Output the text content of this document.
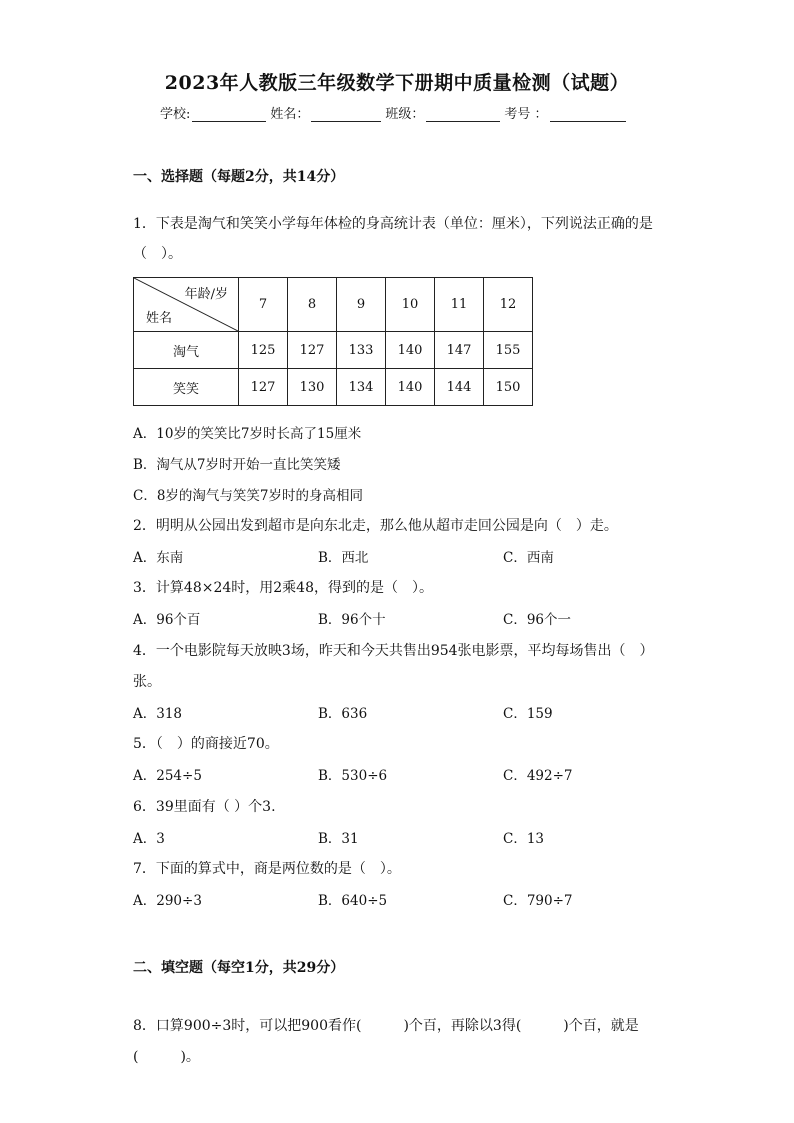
2023年人教版三年级数学下册期中质量检测（试题）
学校:	姓名：	班级：	考号 ：
一、选择题（每题2分，共14分）
1．下表是淘气和笑笑小学每年体检的身高统计表（单位：厘米），下列说法正确的是
（　）。
年龄/岁
姓名	7	8	9	10	11	12
淘气	125	127	133	140	147	155
笑笑	127	130	134	140	144	150
A．10岁的笑笑比7岁时长高了15厘米
B．淘气从7岁时开始一直比笑笑矮
C．8岁的淘气与笑笑7岁时的身高相同
2．明明从公园出发到超市是向东北走，那么他从超市走回公园是向（　）走。
A．东南	B．西北	C．西南
3．计算48×24时，用2乘48，得到的是（　）。
A．96个百	B．96个十	C．96个一
4．一个电影院每天放映3场，昨天和今天共售出954张电影票，平均每场售出（　）
张。
A．318	B．636	C．159
5．（　）的商接近70。
A．254÷5	B．530÷6	C．492÷7
6．39里面有（ ）个3.
A．3	B．31	C．13
7．下面的算式中，商是两位数的是（　）。
A．290÷3	B．640÷5	C．790÷7
二、填空题（每空1分，共29分）
8．口算900÷3时，可以把900看作(　　　)个百，再除以3得(　　　)个百，就是
(　　　)。
